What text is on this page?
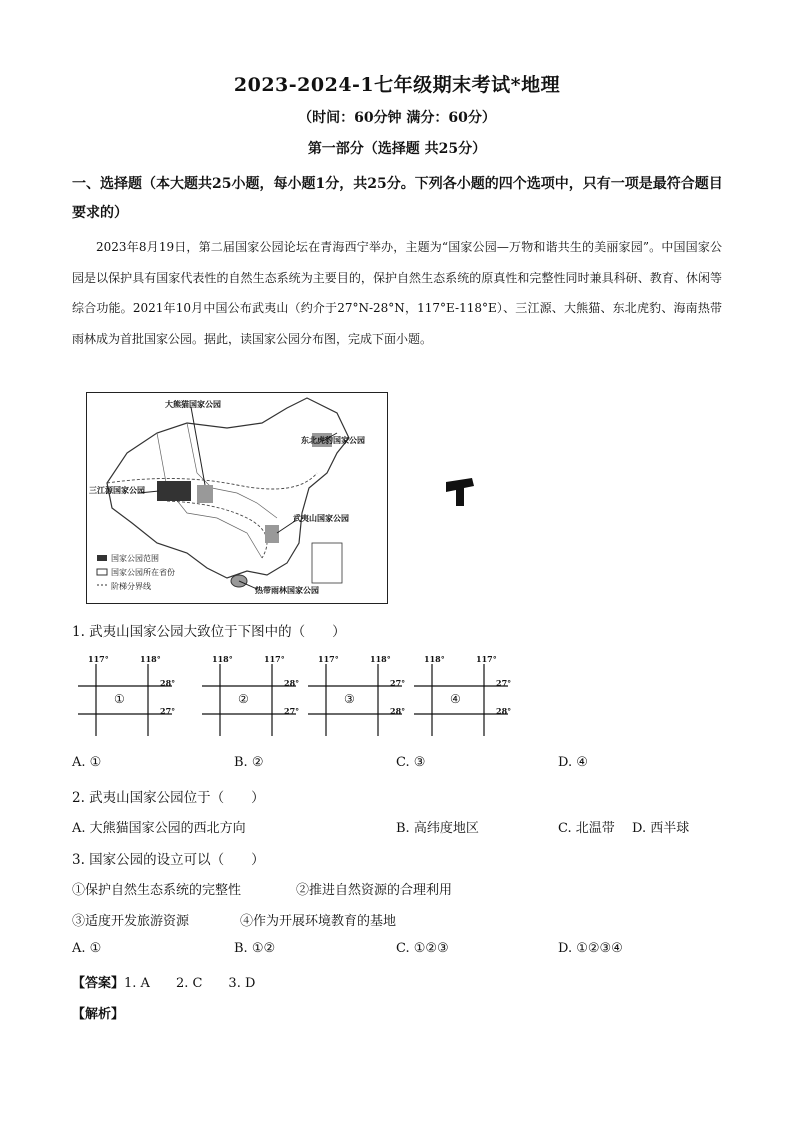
2023-2024-1七年级期末考试*地理
（时间：60分钟 满分：60分）
第一部分（选择题 共25分）
一、选择题（本大题共25小题，每小题1分，共25分。下列各小题的四个选项中，只有一项是最符合题目要求的）
2023年8月19日，第二届国家公园论坛在青海西宁举办，主题为“国家公园—万物和谐共生的美丽家园”。中国国家公园是以保护具有国家代表性的自然生态系统为主要目的，保护自然生态系统的原真性和完整性同时兼具科研、教育、休闲等综合功能。2021年10月中国公布武夷山（约介于27°N-28°N，117°E-118°E）、三江源、大熊猫、东北虎豹、海南热带雨林成为首批国家公园。据此，读国家公园分布图，完成下面小题。
大熊猫国家公园
东北虎豹国家公园
三江源国家公园
武夷山国家公园
热带雨林国家公园
国家公园范围
国家公园所在省份
阶梯分界线
1. 武夷山国家公园大致位于下图中的（　　）
117°	118°
28°
27°
①
118°	117°
28°
27°
②
117°	118°
27°
28°
③
118°	117°
27°
28°
④
A. ①	B. ②	C. ③	D. ④
2. 武夷山国家公园位于（　　）
A. 大熊猫国家公园的西北方向	B. 高纬度地区	C. 北温带 D. 西半球
3. 国家公园的设立可以（　　）
①保护自然生态系统的完整性	②推进自然资源的合理利用
③适度开发旅游资源	④作为开展环境教育的基地
A. ①	B. ①②	C. ①②③	D. ①②③④
【答案】1. A　　2. C　　3. D
【解析】
